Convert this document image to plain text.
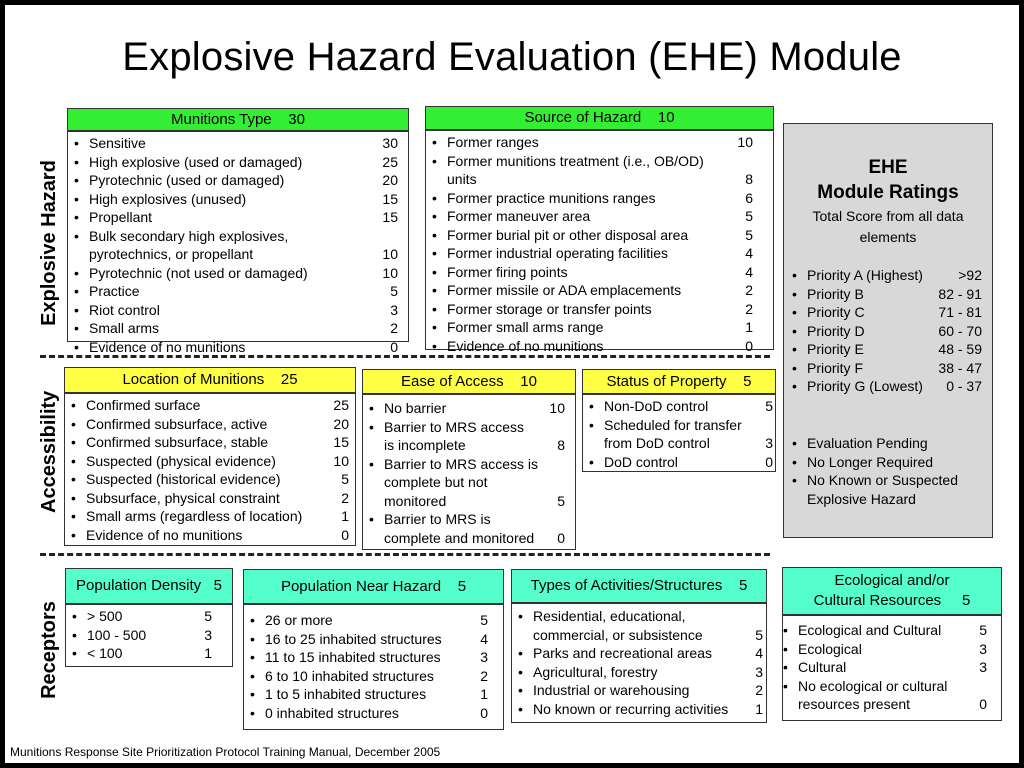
Explosive Hazard Evaluation (EHE) Module
Explosive Hazard
Accessibility
Receptors
Munitions Type    30
• Sensitive	30
• High explosive (used or damaged)	25
• Pyrotechnic (used or damaged)	20
• High explosives (unused)	15
• Propellant	15
• Bulk secondary high explosives,
pyrotechnics, or propellant	10
• Pyrotechnic (not used or damaged)	10
• Practice	5
• Riot control	3
• Small arms	2
• Evidence of no munitions	0
Source of Hazard    10
• Former ranges	10
• Former munitions treatment (i.e., OB/OD)
units	8
• Former practice munitions ranges	6
• Former maneuver area	5
• Former burial pit or other disposal area	5
• Former industrial operating facilities	4
• Former firing points	4
• Former missile or ADA emplacements	2
• Former storage or transfer points	2
• Former small arms range	1
• Evidence of no munitions	0
EHE
Module Ratings
Total Score from all data
elements
• Priority A (Highest)	>92
• Priority B	82 - 91
• Priority C	71 - 81
• Priority D	60 - 70
• Priority E	48 - 59
• Priority F	38 - 47
• Priority G (Lowest)	0 - 37
• Evaluation Pending
• No Longer Required
• No Known or Suspected
Explosive Hazard
Location of Munitions    25
• Confirmed surface	25
• Confirmed subsurface, active	20
• Confirmed subsurface, stable	15
• Suspected (physical evidence)	10
• Suspected (historical evidence)	5
• Subsurface, physical constraint	2
• Small arms (regardless of location)	1
• Evidence of no munitions	0
Ease of Access    10
• No barrier	10
• Barrier to MRS access
is incomplete	8
• Barrier to MRS access is
complete but not
monitored	5
• Barrier to MRS is
complete and monitored	0
Status of Property    5
• Non-DoD control	5
• Scheduled for transfer
from DoD control	3
• DoD control	0
Population Density   5
• > 500	5
• 100 - 500	3
• < 100	1
Population Near Hazard    5
• 26 or more	5
• 16 to 25 inhabited structures	4
• 11 to 15 inhabited structures	3
• 6 to 10 inhabited structures	2
• 1 to 5 inhabited structures	1
• 0 inhabited structures	0
Types of Activities/Structures    5
• Residential, educational,
commercial, or subsistence	5
• Parks and recreational areas	4
• Agricultural, forestry	3
• Industrial or warehousing	2
• No known or recurring activities	1
Ecological and/or
Cultural Resources     5
• Ecological and Cultural	5
• Ecological	3
• Cultural	3
• No ecological or cultural
resources present	0
Munitions Response Site Prioritization Protocol Training Manual, December 2005
